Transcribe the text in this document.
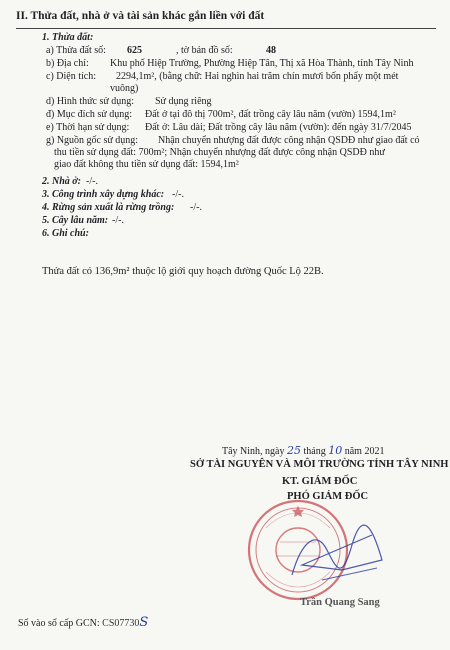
II. Thửa đất, nhà ở và tài sản khác gắn liền với đất
1. Thửa đất:
a) Thửa đất số: 625	, tờ bản đồ số:	48
b) Địa chỉ: Khu phố Hiệp Trường, Phường Hiệp Tân, Thị xã Hòa Thành, tỉnh Tây Ninh
c) Diện tích: 2294,1m², (bằng chữ: Hai nghìn hai trăm chín mươi bốn phẩy một mét
vuông)
d) Hình thức sử dụng: Sử dụng riêng
đ) Mục đích sử dụng: Đất ở tại đô thị 700m², đất trồng cây lâu năm (vườn) 1594,1m²
e) Thời hạn sử dụng: Đất ở: Lâu dài; Đất trồng cây lâu năm (vườn): đến ngày 31/7/2045
g) Nguồn gốc sử dụng: Nhận chuyển nhượng đất được công nhận QSDĐ như giao đất có
thu tiền sử dụng đất: 700m²; Nhận chuyển nhượng đất được công nhận QSDĐ như
giao đất không thu tiền sử dụng đất: 1594,1m²
2. Nhà ở: -/-.
3. Công trình xây dựng khác: -/-.
4. Rừng sản xuất là rừng trồng: -/-.
5. Cây lâu năm: -/-.
6. Ghi chú:
Thửa đất có 136,9m² thuộc lộ giới quy hoạch đường Quốc Lộ 22B.
Tây Ninh, ngày 25 tháng 10 năm 2021
SỞ TÀI NGUYÊN VÀ MÔI TRƯỜNG TỈNH TÂY NINH
KT. GIÁM ĐỐC
PHÓ GIÁM ĐỐC
Trần Quang Sang
Số vào sổ cấp GCN: CS07730S
